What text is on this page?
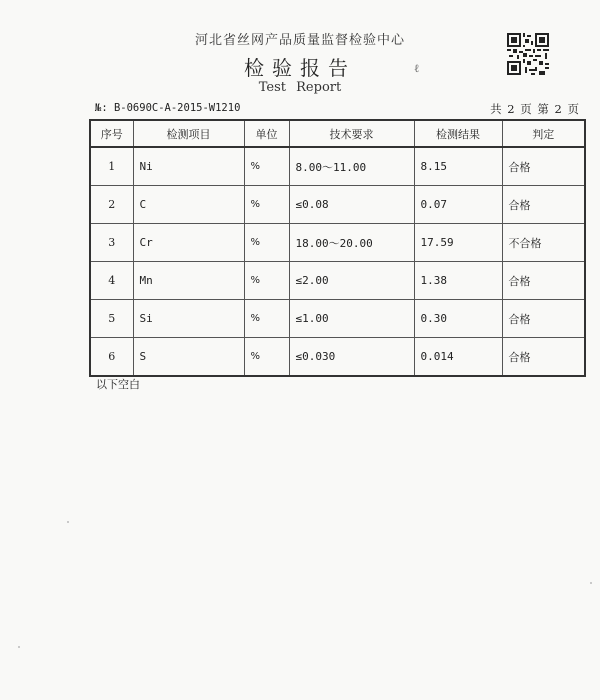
河北省丝网产品质量监督检验中心
检验报告
Test Report
ℓ
№: B-0690C-A-2015-W1210	共 2 页 第 2 页
序号	检测项目	单位	技术要求	检测结果	判定
1	Ni	%	8.00～11.00	8.15	合格
2	C	%	≤0.08	0.07	合格
3	Cr	%	18.00～20.00	17.59	不合格
4	Mn	%	≤2.00	1.38	合格
5	Si	%	≤1.00	0.30	合格
6	S	%	≤0.030	0.014	合格
以下空白
